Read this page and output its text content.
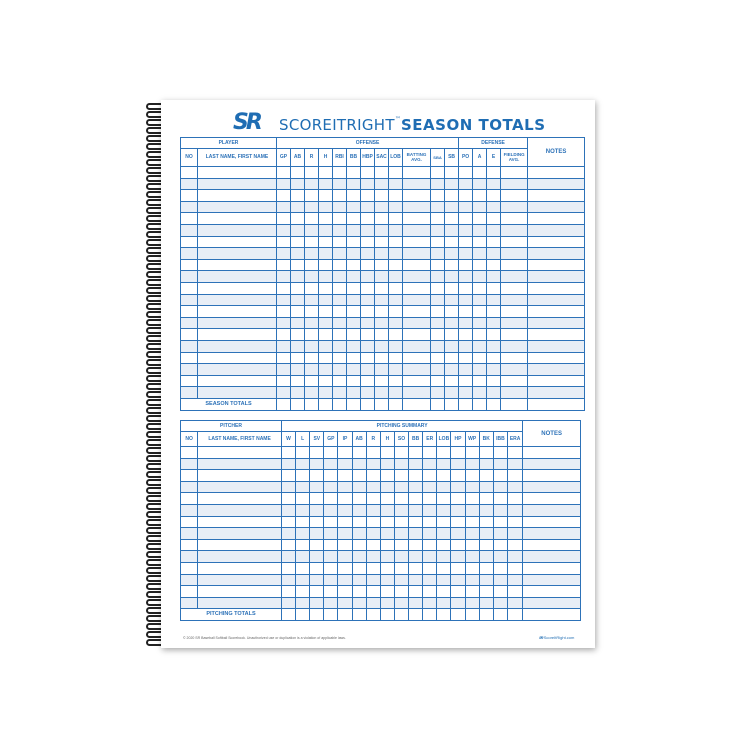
SR SCOREITRIGHT™ SEASON TOTALS
PLAYER		OFFENSE												DEFENSE				NOTES
NO	LAST NAME, FIRST NAME	GP	AB	R	H	RBI	BB	HBP	SAC	LOB	BATTING AVG.	SBA	SB	PO	A	E	FIELDING AVG.	

SEASON TOTALS																		
PITCHER		PITCHING SUMMARY																	NOTES
NO	LAST NAME, FIRST NAME	W	L	SV	GP	IP	AB	R	H	SO	BB	ER	LOB	HP	WP	BK	IBB	ERA	

PITCHING TOTALS																			
© 2020 SR Baseball Softball Scorebook. Unauthorized use or duplication is a violation of applicable laws.	SR ScoreItRight.com
